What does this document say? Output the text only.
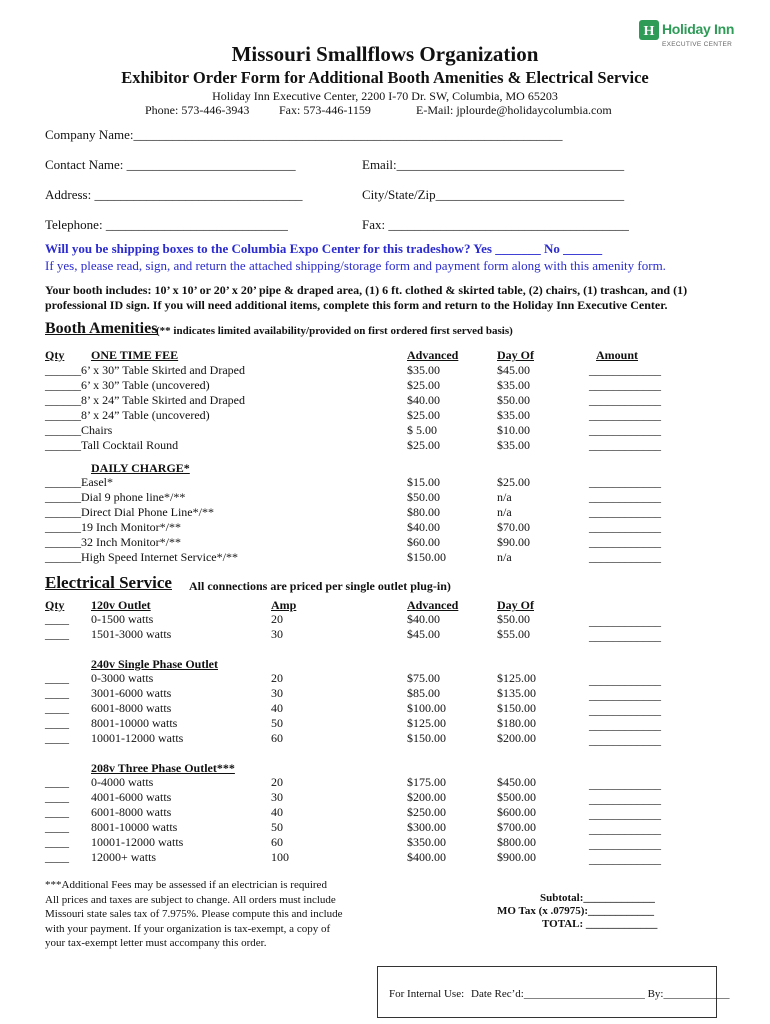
H Holiday Inn
EXECUTIVE CENTER
Missouri Smallflows Organization
Exhibitor Order Form for Additional Booth Amenities & Electrical Service
Holiday Inn Executive Center, 2200 I-70 Dr. SW, Columbia, MO 65203
Phone: 573-446-3943 Fax: 573-446-1159	E-Mail: jplourde@holidaycolumbia.com
Company Name:__________________________________________________________________
Contact Name: __________________________	Email:___________________________________
Address: ________________________________	City/State/Zip_____________________________
Telephone: ____________________________	Fax: _____________________________________
Will you be shipping boxes to the Columbia Expo Center for this tradeshow? Yes _______ No ______
If yes, please read, sign, and return the attached shipping/storage form and payment form along with this amenity form.
Your booth includes: 10’ x 10’ or 20’ x 20’ pipe & draped area, (1) 6 ft. clothed & skirted table, (2) chairs, (1) trashcan, and (1)
professional ID sign. If you will need additional items, complete this form and return to the Holiday Inn Executive Center.
Booth Amenities
(** indicates limited availability/provided on first ordered first served basis)
Qty ONE TIME FEE	Advanced	Day Of	Amount
______6’ x 30” Table Skirted and Draped	$35.00	$45.00	____________
______6’ x 30” Table (uncovered)	$25.00	$35.00	____________
______8’ x 24” Table Skirted and Draped	$40.00	$50.00	____________
______8’ x 24” Table (uncovered)	$25.00	$35.00	____________
______Chairs	$ 5.00	$10.00	____________
______Tall Cocktail Round	$25.00	$35.00	____________
DAILY CHARGE*
______Easel*	$15.00	$25.00	____________
______Dial 9 phone line*/**	$50.00	n/a	____________
______Direct Dial Phone Line*/**	$80.00	n/a	____________
______19 Inch Monitor*/**	$40.00	$70.00	____________
______32 Inch Monitor*/**	$60.00	$90.00	____________
______High Speed Internet Service*/**	$150.00	n/a	____________
Electrical Service All connections are priced per single outlet plug-in)
Qty	Amp	Advanced	Day Of
120v Outlet
____ 0-1500 watts	20	$40.00	$50.00	____________
____ 1501-3000 watts	30	$45.00	$55.00	____________
240v Single Phase Outlet
____ 0-3000 watts	20	$75.00	$125.00	____________
____ 3001-6000 watts	30	$85.00	$135.00	____________
____ 6001-8000 watts	40	$100.00	$150.00	____________
____ 8001-10000 watts	50	$125.00	$180.00	____________
____ 10001-12000 watts	60	$150.00	$200.00	____________
208v Three Phase Outlet***
____ 0-4000 watts	20	$175.00	$450.00	____________
____ 4001-6000 watts	30	$200.00	$500.00	____________
____ 6001-8000 watts	40	$250.00	$600.00	____________
____ 8001-10000 watts	50	$300.00	$700.00	____________
____ 10001-12000 watts	60	$350.00	$800.00	____________
____ 12000+ watts	100	$400.00	$900.00	____________
***Additional Fees may be assessed if an electrician is required
All prices and taxes are subject to change. All orders must include
Missouri state sales tax of 7.975%. Please compute this and include
with your payment. If your organization is tax-exempt, a copy of
your tax-exempt letter must accompany this order.
Subtotal:_____________
MO Tax (x .07975):____________
TOTAL: _____________
For Internal Use: Date Rec’d:______________________ By:____________
